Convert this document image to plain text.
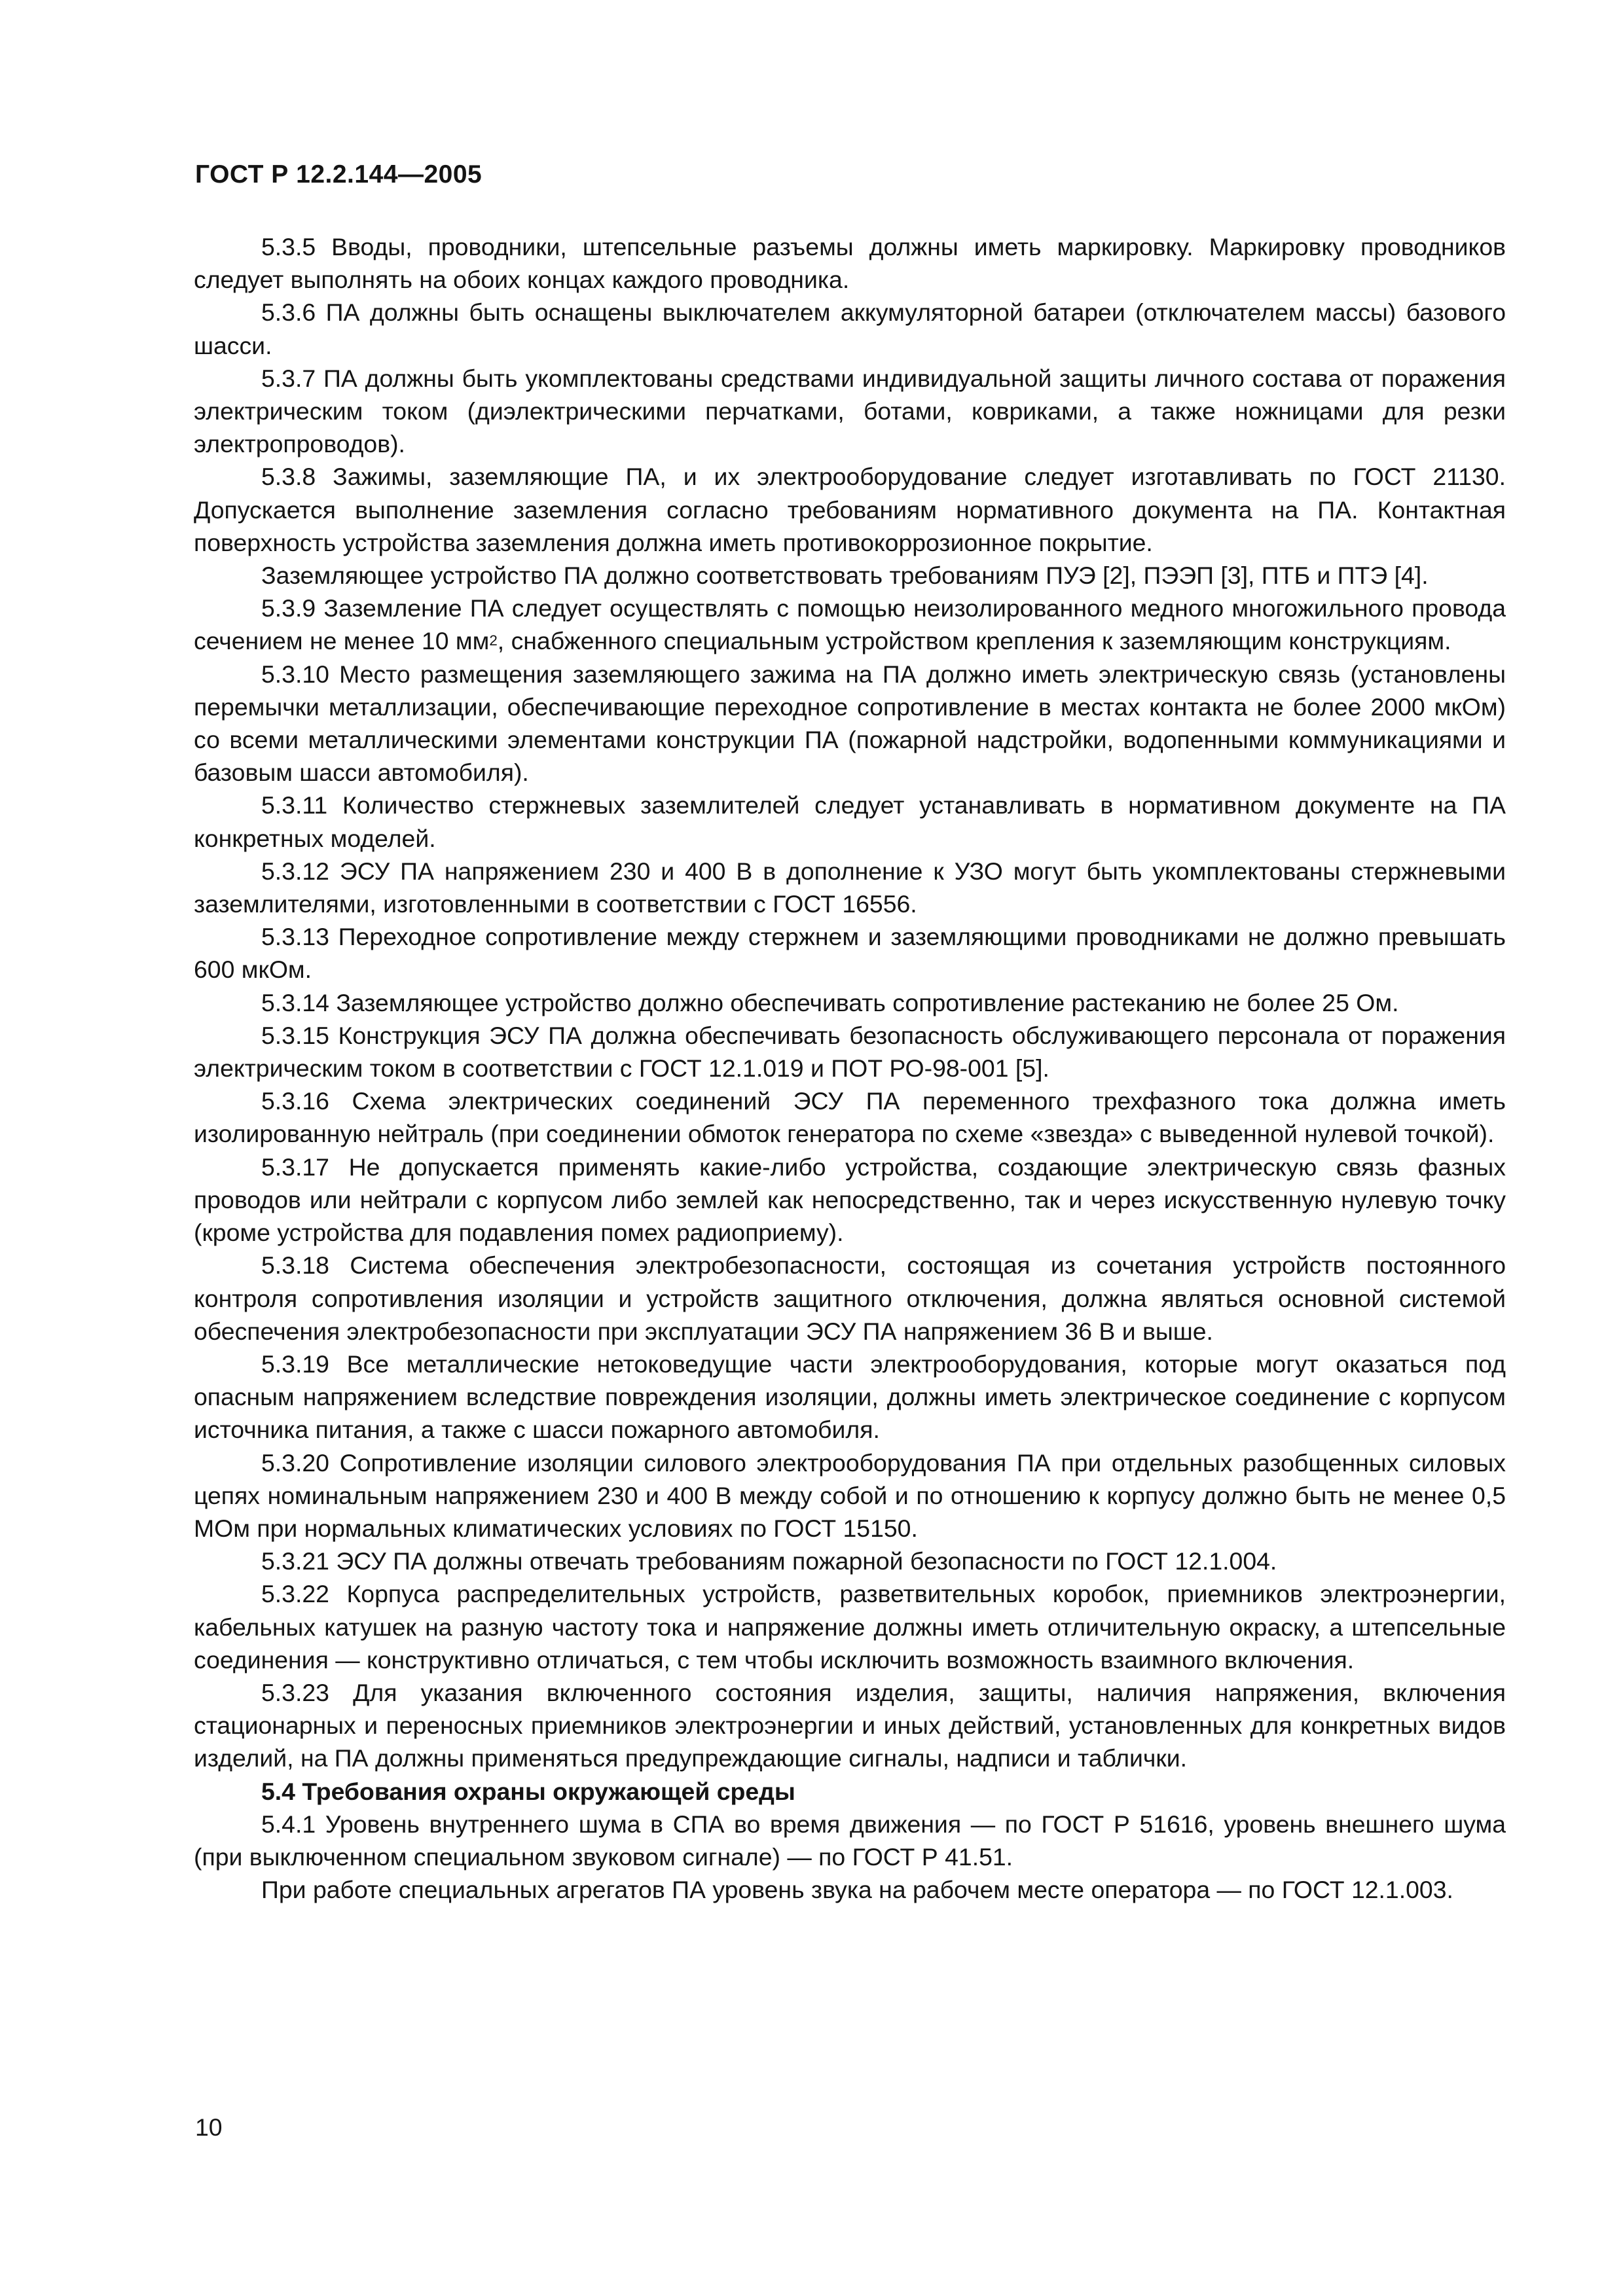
ГОСТ Р 12.2.144—2005

5.3.5 Вводы, проводники, штепсельные разъемы должны иметь маркировку. Маркировку проводников следует выполнять на обоих концах каждого проводника.

5.3.6 ПА должны быть оснащены выключателем аккумуляторной батареи (отключателем массы) базового шасси.

5.3.7 ПА должны быть укомплектованы средствами индивидуальной защиты личного состава от поражения электрическим током (диэлектрическими перчатками, ботами, ковриками, а также ножницами для резки электропроводов).

5.3.8 Зажимы, заземляющие ПА, и их электрооборудование следует изготавливать по ГОСТ 21130. Допускается выполнение заземления согласно требованиям нормативного документа на ПА. Контактная поверхность устройства заземления должна иметь противокоррозионное покрытие.

Заземляющее устройство ПА должно соответствовать требованиям ПУЭ [2], ПЭЭП [3], ПТБ и ПТЭ [4].

5.3.9 Заземление ПА следует осуществлять с помощью неизолированного медного многожильного провода сечением не менее 10 $мм^2$, снабженного специальным устройством крепления к заземляющим конструкциям.

5.3.10 Место размещения заземляющего зажима на ПА должно иметь электрическую связь (установлены перемычки металлизации, обеспечивающие переходное сопротивление в местах контакта не более 2000 мкОм) со всеми металлическими элементами конструкции ПА (пожарной надстройки, водопенными коммуникациями и базовым шасси автомобиля).

5.3.11 Количество стержневых заземлителей следует устанавливать в нормативном документе на ПА конкретных моделей.

5.3.12 ЭСУ ПА напряжением 230 и 400 В в дополнение к УЗО могут быть укомплектованы стержневыми заземлителями, изготовленными в соответствии с ГОСТ 16556.

5.3.13 Переходное сопротивление между стержнем и заземляющими проводниками не должно превышать 600 мкОм.

5.3.14 Заземляющее устройство должно обеспечивать сопротивление растеканию не более 25 Ом.

5.3.15 Конструкция ЭСУ ПА должна обеспечивать безопасность обслуживающего персонала от поражения электрическим током в соответствии с ГОСТ 12.1.019 и ПОТ РО-98-001 [5].

5.3.16 Схема электрических соединений ЭСУ ПА переменного трехфазного тока должна иметь изолированную нейтраль (при соединении обмоток генератора по схеме «звезда» с выведенной нулевой точкой).

5.3.17 Не допускается применять какие-либо устройства, создающие электрическую связь фазных проводов или нейтрали с корпусом либо землей как непосредственно, так и через искусственную нулевую точку (кроме устройства для подавления помех радиоприему).

5.3.18 Система обеспечения электробезопасности, состоящая из сочетания устройств постоянного контроля сопротивления изоляции и устройств защитного отключения, должна являться основной системой обеспечения электробезопасности при эксплуатации ЭСУ ПА напряжением 36 В и выше.

5.3.19 Все металлические нетоковедущие части электрооборудования, которые могут оказаться под опасным напряжением вследствие повреждения изоляции, должны иметь электрическое соединение с корпусом источника питания, а также с шасси пожарного автомобиля.

5.3.20 Сопротивление изоляции силового электрооборудования ПА при отдельных разобщенных силовых цепях номинальным напряжением 230 и 400 В между собой и по отношению к корпусу должно быть не менее 0,5 МОм при нормальных климатических условиях по ГОСТ 15150.

5.3.21 ЭСУ ПА должны отвечать требованиям пожарной безопасности по ГОСТ 12.1.004.

5.3.22 Корпуса распределительных устройств, разветвительных коробок, приемников электроэнергии, кабельных катушек на разную частоту тока и напряжение должны иметь отличительную окраску, а штепсельные соединения — конструктивно отличаться, с тем чтобы исключить возможность взаимного включения.

5.3.23 Для указания включенного состояния изделия, защиты, наличия напряжения, включения стационарных и переносных приемников электроэнергии и иных действий, установленных для конкретных видов изделий, на ПА должны применяться предупреждающие сигналы, надписи и таблички.

5.4 Требования охраны окружающей среды

5.4.1 Уровень внутреннего шума в СПА во время движения — по ГОСТ Р 51616, уровень внешнего шума (при выключенном специальном звуковом сигнале) — по ГОСТ Р 41.51.

При работе специальных агрегатов ПА уровень звука на рабочем месте оператора — по ГОСТ 12.1.003.

10
